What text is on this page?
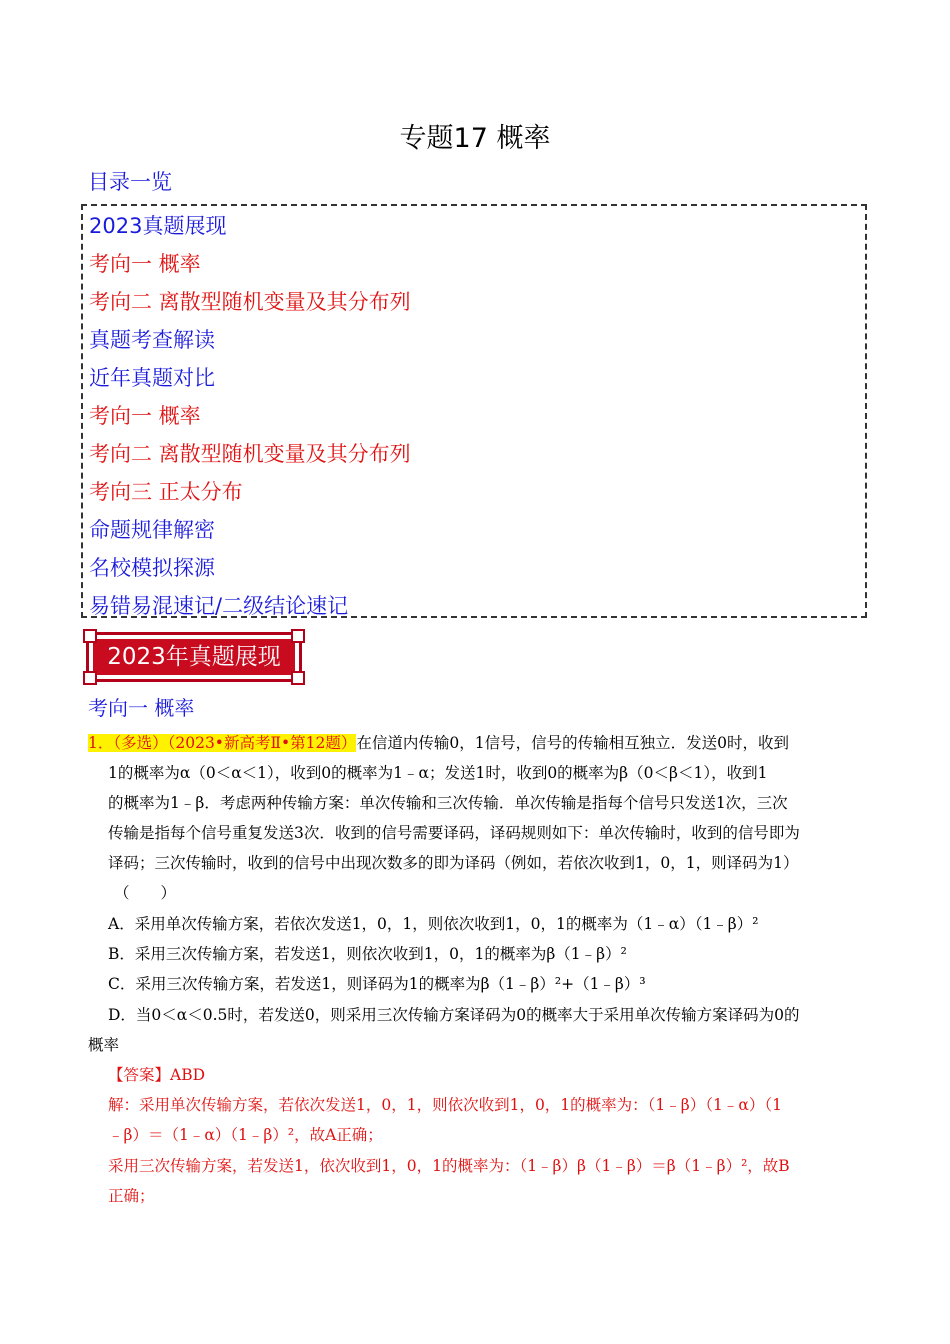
专题17 概率
目录一览
2023真题展现
考向一 概率
考向二 离散型随机变量及其分布列
真题考查解读
近年真题对比
考向一 概率
考向二 离散型随机变量及其分布列
考向三 正太分布
命题规律解密
名校模拟探源
易错易混速记/二级结论速记
2023年真题展现
考向一 概率
1．（多选）（2023•新高考Ⅱ•第12题）在信道内传输0，1信号，信号的传输相互独立．发送0时，收到
1的概率为α（0＜α＜1），收到0的概率为1﹣α；发送1时，收到0的概率为β（0＜β＜1），收到1
的概率为1﹣β．考虑两种传输方案：单次传输和三次传输．单次传输是指每个信号只发送1次，三次
传输是指每个信号重复发送3次．收到的信号需要译码，译码规则如下：单次传输时，收到的信号即为
译码；三次传输时，收到的信号中出现次数多的即为译码（例如，若依次收到1，0，1，则译码为1）
（　　）
A．采用单次传输方案，若依次发送1，0，1，则依次收到1，0，1的概率为（1﹣α）（1﹣β）²
B．采用三次传输方案，若发送1，则依次收到1，0，1的概率为β（1﹣β）²
C．采用三次传输方案，若发送1，则译码为1的概率为β（1﹣β）²+（1﹣β）³
D．当0＜α＜0.5时，若发送0，则采用三次传输方案译码为0的概率大于采用单次传输方案译码为0的
概率
【答案】ABD
解：采用单次传输方案，若依次发送1，0，1，则依次收到1，0，1的概率为：（1﹣β）（1﹣α）（1
﹣β）＝（1﹣α）（1﹣β）²，故A正确；
采用三次传输方案，若发送1，依次收到1，0，1的概率为：（1﹣β）β（1﹣β）＝β（1﹣β）²，故B
正确；
